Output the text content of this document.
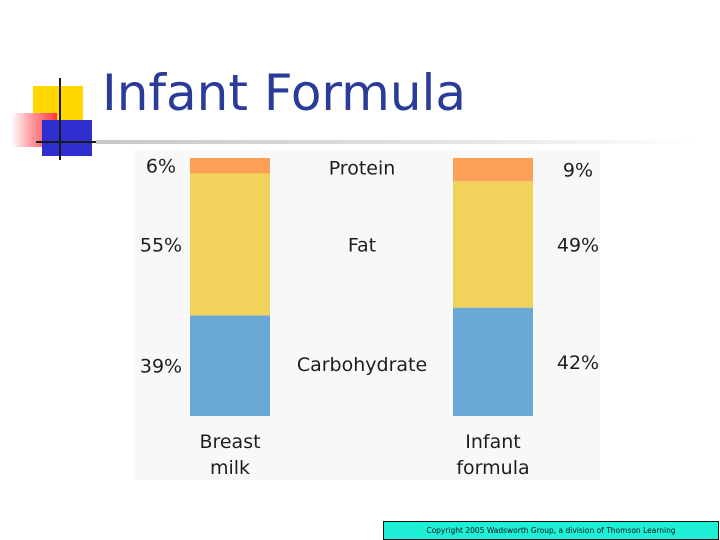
Infant Formula
39%	42%
Carbohydrate
55%	49%
Fat
6%	9%
Protein
Breast milk
Infant formula
Copyright 2005 Wadsworth Group, a division of Thomson Learning
